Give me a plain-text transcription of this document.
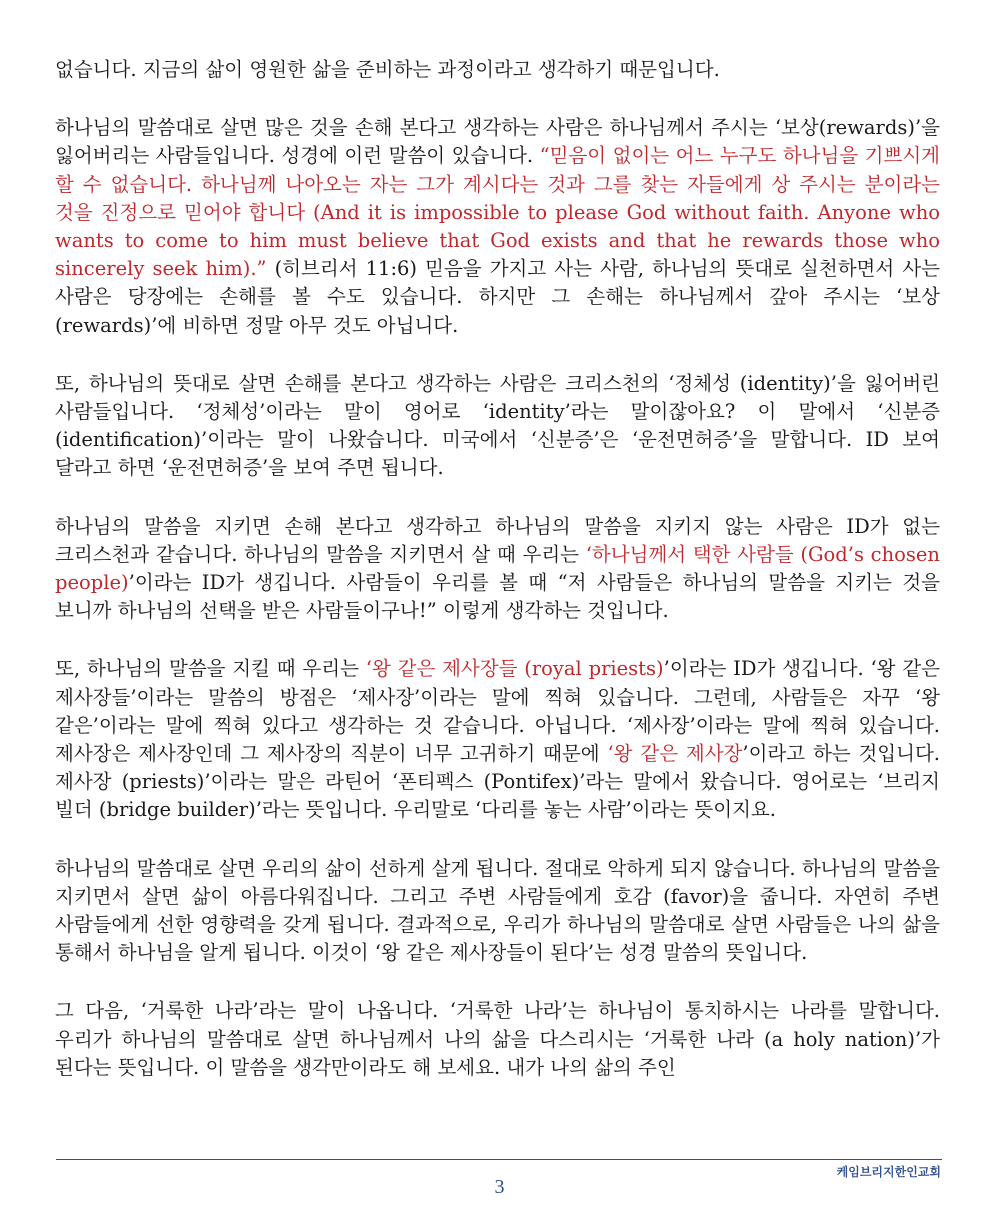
없습니다. 지금의 삶이 영원한 삶을 준비하는 과정이라고 생각하기 때문입니다.

하나님의 말씀대로 살면 많은 것을 손해 본다고 생각하는 사람은 하나님께서 주시는 ‘보상(rewards)’을 잃어버리는 사람들입니다. 성경에 이런 말씀이 있습니다. “믿음이 없이는 어느 누구도 하나님을 기쁘시게 할 수 없습니다. 하나님께 나아오는 자는 그가 계시다는 것과 그를 찾는 자들에게 상 주시는 분이라는 것을 진정으로 믿어야 합니다 (And it is impossible to please God without faith. Anyone who wants to come to him must believe that God exists and that he rewards those who sincerely seek him).” (히브리서 11:6) 믿음을 가지고 사는 사람, 하나님의 뜻대로 실천하면서 사는 사람은 당장에는 손해를 볼 수도 있습니다. 하지만 그 손해는 하나님께서 갚아 주시는 ‘보상 (rewards)’에 비하면 정말 아무 것도 아닙니다.

또, 하나님의 뜻대로 살면 손해를 본다고 생각하는 사람은 크리스천의 ‘정체성 (identity)’을 잃어버린 사람들입니다. ‘정체성’이라는 말이 영어로 ‘identity’라는 말이잖아요? 이 말에서 ‘신분증 (identification)’이라는 말이 나왔습니다. 미국에서 ‘신분증’은 ‘운전면허증’을 말합니다. ID 보여 달라고 하면 ‘운전면허증’을 보여 주면 됩니다.

하나님의 말씀을 지키면 손해 본다고 생각하고 하나님의 말씀을 지키지 않는 사람은 ID가 없는 크리스천과 같습니다. 하나님의 말씀을 지키면서 살 때 우리는 ‘하나님께서 택한 사람들 (God’s chosen people)’이라는 ID가 생깁니다. 사람들이 우리를 볼 때 “저 사람들은 하나님의 말씀을 지키는 것을 보니까 하나님의 선택을 받은 사람들이구나!” 이렇게 생각하는 것입니다.

또, 하나님의 말씀을 지킬 때 우리는 ‘왕 같은 제사장들 (royal priests)’이라는 ID가 생깁니다. ‘왕 같은 제사장들’이라는 말씀의 방점은 ‘제사장’이라는 말에 찍혀 있습니다. 그런데, 사람들은 자꾸 ‘왕 같은’이라는 말에 찍혀 있다고 생각하는 것 같습니다. 아닙니다. ‘제사장’이라는 말에 찍혀 있습니다. 제사장은 제사장인데 그 제사장의 직분이 너무 고귀하기 때문에 ‘왕 같은 제사장’이라고 하는 것입니다. 제사장 (priests)’이라는 말은 라틴어 ‘폰티펙스 (Pontifex)’라는 말에서 왔습니다. 영어로는 ‘브리지 빌더 (bridge builder)’라는 뜻입니다. 우리말로 ‘다리를 놓는 사람’이라는 뜻이지요.

하나님의 말씀대로 살면 우리의 삶이 선하게 살게 됩니다. 절대로 악하게 되지 않습니다. 하나님의 말씀을 지키면서 살면 삶이 아름다워집니다. 그리고 주변 사람들에게 호감 (favor)을 줍니다. 자연히 주변 사람들에게 선한 영향력을 갖게 됩니다. 결과적으로, 우리가 하나님의 말씀대로 살면 사람들은 나의 삶을 통해서 하나님을 알게 됩니다. 이것이 ‘왕 같은 제사장들이 된다’는 성경 말씀의 뜻입니다.

그 다음, ‘거룩한 나라’라는 말이 나옵니다. ‘거룩한 나라’는 하나님이 통치하시는 나라를 말합니다. 우리가 하나님의 말씀대로 살면 하나님께서 나의 삶을 다스리시는 ‘거룩한 나라 (a holy nation)’가 된다는 뜻입니다. 이 말씀을 생각만이라도 해 보세요. 내가 나의 삶의 주인

케임브리지한인교회
3
